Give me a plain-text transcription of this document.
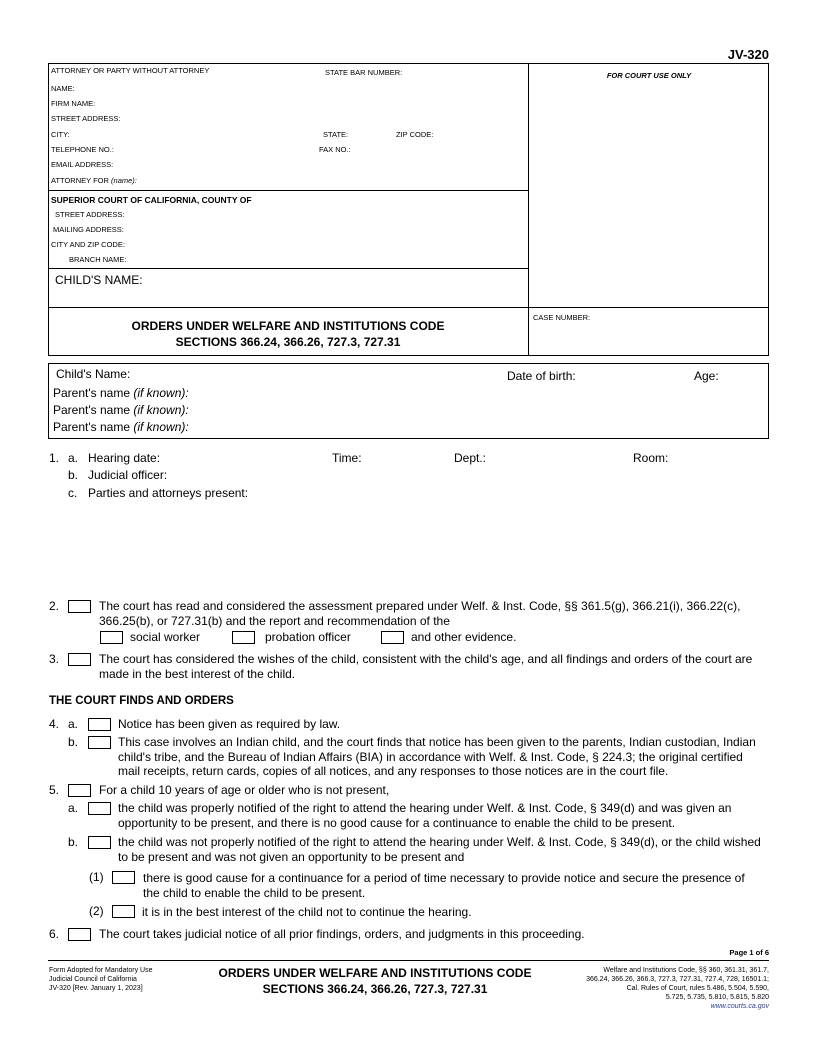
JV-320
ATTORNEY OR PARTY WITHOUT ATTORNEY	STATE BAR NUMBER:	FOR COURT USE ONLY
NAME:
FIRM NAME:
STREET ADDRESS:
CITY:	STATE:	ZIP CODE:
TELEPHONE NO.:	FAX NO.:
EMAIL ADDRESS:
ATTORNEY FOR (name):
SUPERIOR COURT OF CALIFORNIA, COUNTY OF
STREET ADDRESS:
MAILING ADDRESS:
CITY AND ZIP CODE:
BRANCH NAME:
CHILD'S NAME:
ORDERS UNDER WELFARE AND INSTITUTIONS CODE
SECTIONS 366.24, 366.26, 727.3, 727.31
CASE NUMBER:
Child's Name:	Date of birth:	Age:
Parent's name (if known):
Parent's name (if known):
Parent's name (if known):
1. a. Hearing date:	Time:	Dept.:	Room:
b. Judicial officer:
c. Parties and attorneys present:
2.	The court has read and considered the assessment prepared under Welf. & Inst. Code, §§ 361.5(g), 366.21(i), 366.22(c),
366.25(b), or 727.31(b) and the report and recommendation of the
social worker	probation officer	and other evidence.
3.	The court has considered the wishes of the child, consistent with the child's age, and all findings and orders of the court are
made in the best interest of the child.
THE COURT FINDS AND ORDERS
4. a.	Notice has been given as required by law.
b.	This case involves an Indian child, and the court finds that notice has been given to the parents, Indian custodian, Indian
child's tribe, and the Bureau of Indian Affairs (BIA) in accordance with Welf. & Inst. Code, § 224.3; the original certified
mail receipts, return cards, copies of all notices, and any responses to those notices are in the court file.
5.	For a child 10 years of age or older who is not present,
a.	the child was properly notified of the right to attend the hearing under Welf. & Inst. Code, § 349(d) and was given an
opportunity to be present, and there is no good cause for a continuance to enable the child to be present.
b.	the child was not properly notified of the right to attend the hearing under Welf. & Inst. Code, § 349(d), or the child wished
to be present and was not given an opportunity to be present and
(1)	there is good cause for a continuance for a period of time necessary to provide notice and secure the presence of
the child to enable the child to be present.
(2)	it is in the best interest of the child not to continue the hearing.
6.	The court takes judicial notice of all prior findings, orders, and judgments in this proceeding.
Page 1 of 6
Form Adopted for Mandatory Use
Judicial Council of California
JV-320 [Rev. January 1, 2023]
ORDERS UNDER WELFARE AND INSTITUTIONS CODE
SECTIONS 366.24, 366.26, 727.3, 727.31
Welfare and Institutions Code, §§ 360, 361.31, 361.7,
366.24, 366.26, 366.3, 727.3, 727.31, 727.4, 728, 16501.1;
Cal. Rules of Court, rules 5.486, 5.504, 5.590,
5.725, 5.735, 5.810, 5.815, 5.820
www.courts.ca.gov
